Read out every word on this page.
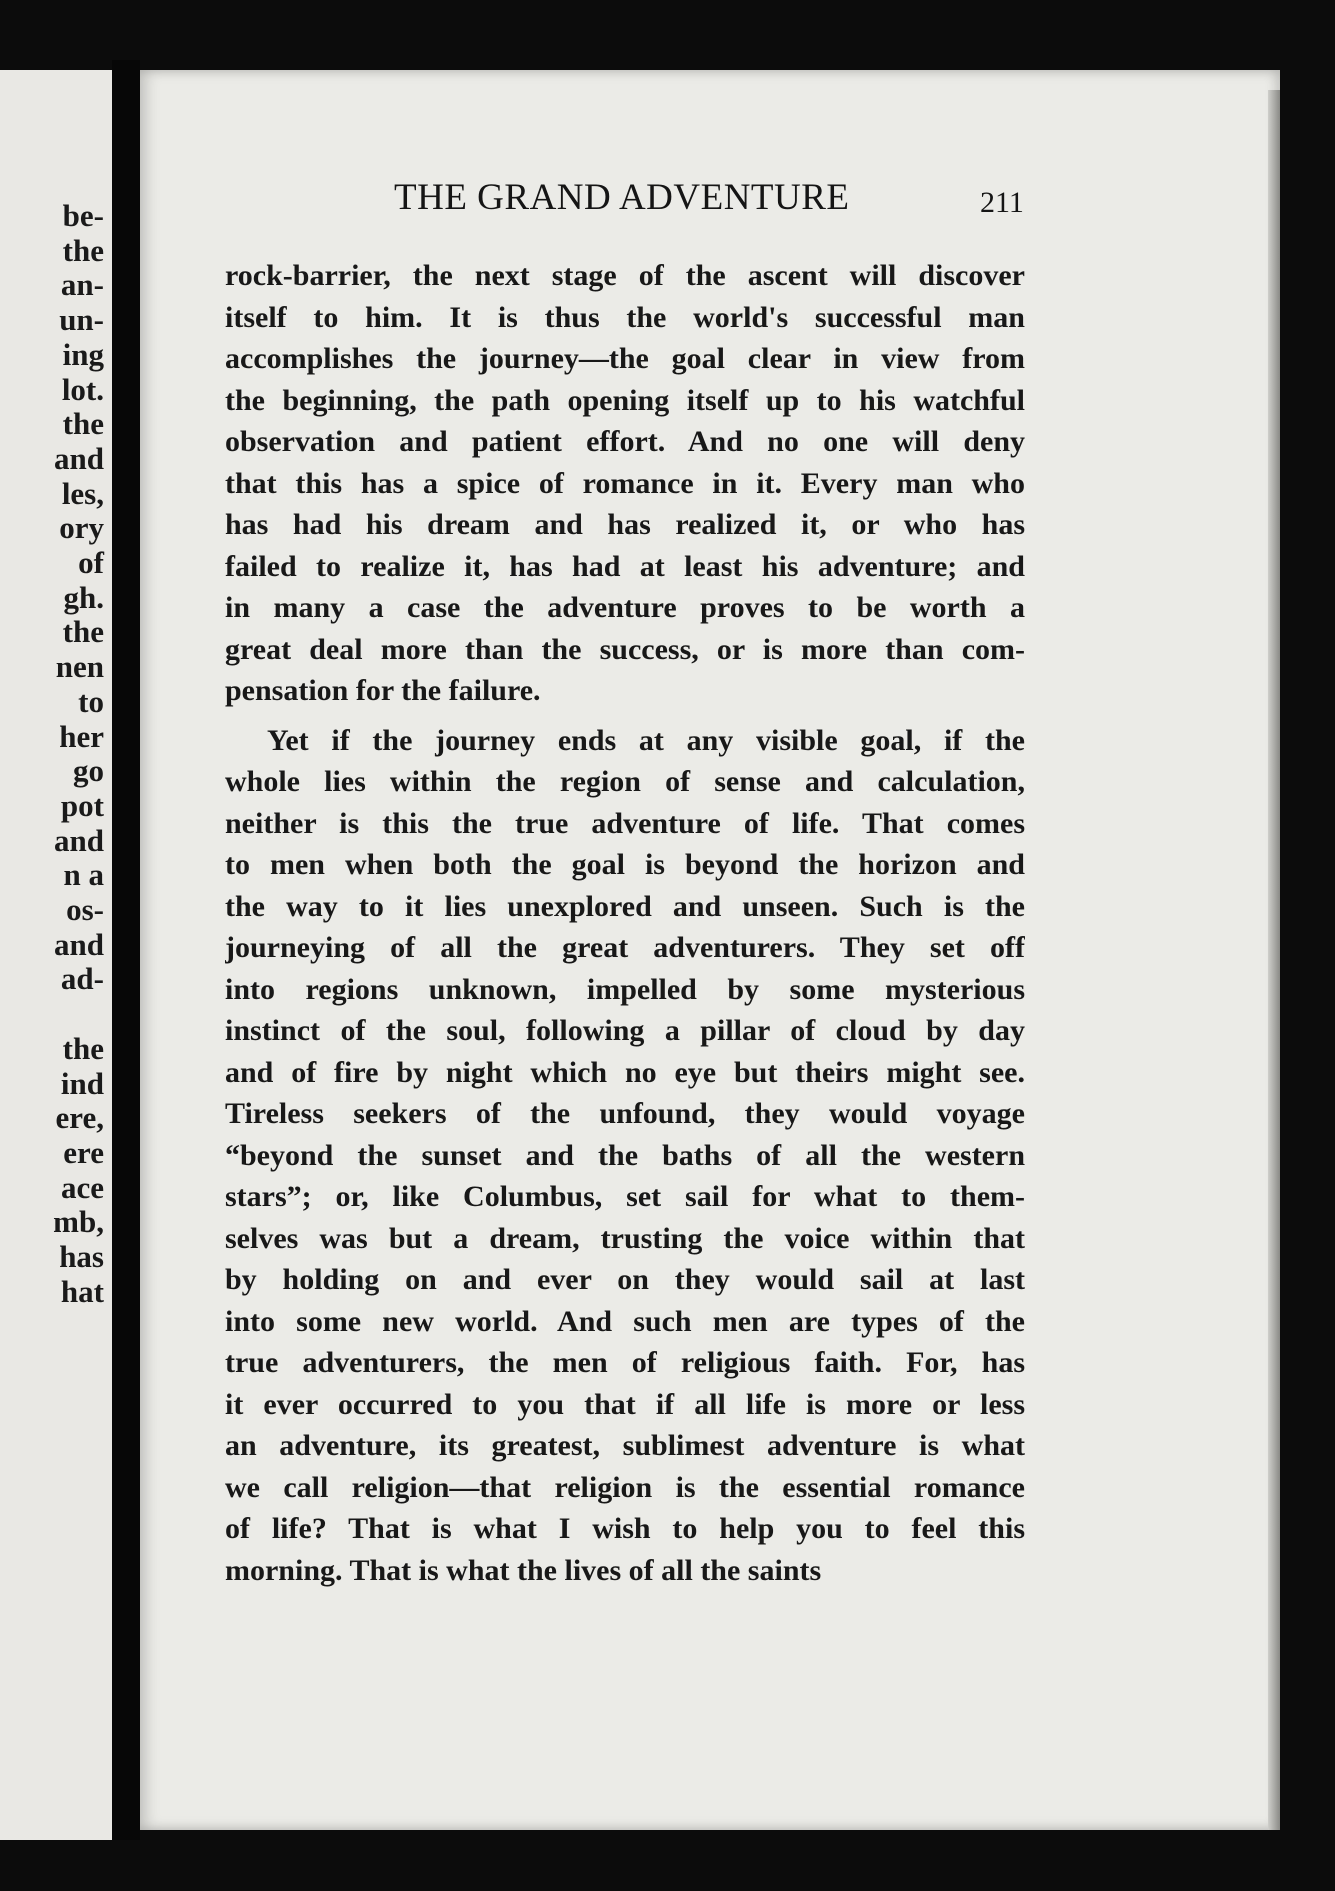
be-
the
an-
un-
ing
lot.
the
and
les,
ory
of
gh.
the
nen
to
her
go
pot
and
n a
os-
and
ad-
the
ind
ere,
ere
ace
mb,
has
hat
THE GRAND ADVENTURE	211
rock-barrier, the next stage of the ascent will discover
itself to him. It is thus the world's successful man
accomplishes the journey—the goal clear in view from
the beginning, the path opening itself up to his watchful
observation and patient effort. And no one will deny
that this has a spice of romance in it. Every man who
has had his dream and has realized it, or who has
failed to realize it, has had at least his adventure; and
in many a case the adventure proves to be worth a
great deal more than the success, or is more than com-
pensation for the failure.
Yet if the journey ends at any visible goal, if the
whole lies within the region of sense and calculation,
neither is this the true adventure of life. That comes
to men when both the goal is beyond the horizon and
the way to it lies unexplored and unseen. Such is the
journeying of all the great adventurers. They set off
into regions unknown, impelled by some mysterious
instinct of the soul, following a pillar of cloud by day
and of fire by night which no eye but theirs might see.
Tireless seekers of the unfound, they would voyage
“beyond the sunset and the baths of all the western
stars”; or, like Columbus, set sail for what to them-
selves was but a dream, trusting the voice within that
by holding on and ever on they would sail at last
into some new world. And such men are types of the
true adventurers, the men of religious faith. For, has
it ever occurred to you that if all life is more or less
an adventure, its greatest, sublimest adventure is what
we call religion—that religion is the essential romance
of life? That is what I wish to help you to feel this
morning. That is what the lives of all the saints
